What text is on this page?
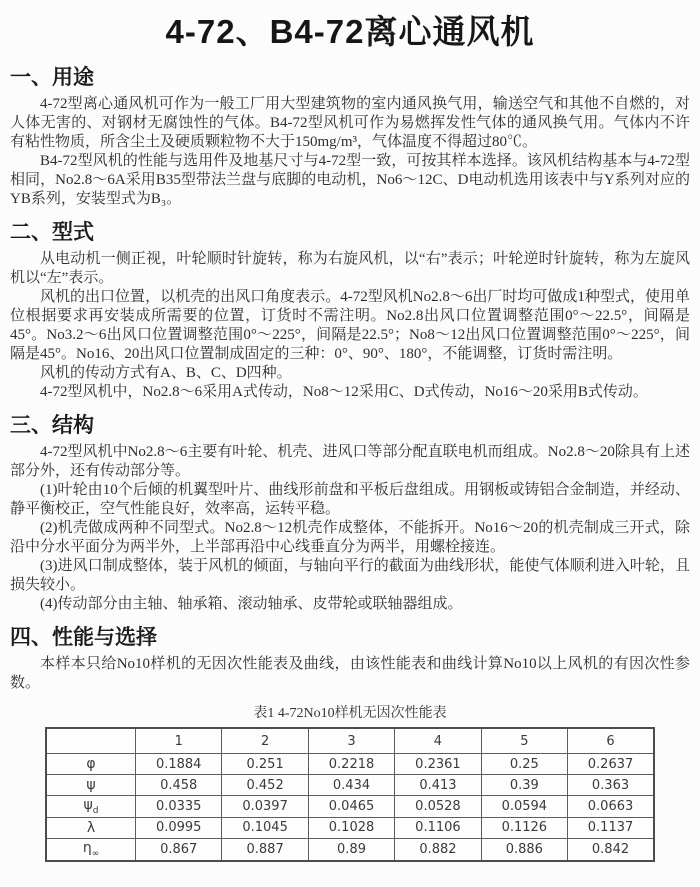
4-72、B4-72离心通风机
一、用途

4-72型离心通风机可作为一般工厂用大型建筑物的室内通风换气用，输送空气和其他不自燃的，对人体无害的、对钢材无腐蚀性的气体。B4-72型风机可作为易燃挥发性气体的通风换气用。气体内不许有粘性物质，所含尘土及硬质颗粒物不大于150mg/m³，气体温度不得超过80℃。

B4-72型风机的性能与选用件及地基尺寸与4-72型一致，可按其样本选择。该风机结构基本与4-72型相同，No2.8～6A采用B35型带法兰盘与底脚的电动机，No6～12C、D电动机选用该表中与Y系列对应的YB系列，安装型式为B₃。

二、型式

从电动机一侧正视，叶轮顺时针旋转，称为右旋风机，以“右”表示；叶轮逆时针旋转，称为左旋风机以“左”表示。

风机的出口位置，以机壳的出风口角度表示。4-72型风机No2.8～6出厂时均可做成1种型式，使用单位根据要求再安装成所需要的位置，订货时不需注明。No2.8出风口位置调整范围0°～22.5°，间隔是45°。No3.2～6出风口位置调整范围0°～225°，间隔是22.5°；No8～12出风口位置调整范围0°～225°，间隔是45°。No16、20出风口位置制成固定的三种：0°、90°、180°，不能调整，订货时需注明。

风机的传动方式有A、B、C、D四种。

4-72型风机中，No2.8～6采用A式传动，No8～12采用C、D式传动，No16～20采用B式传动。

三、结构

4-72型风机中No2.8～6主要有叶轮、机壳、进风口等部分配直联电机而组成。No2.8～20除具有上述部分外，还有传动部分等。

(1)叶轮由10个后倾的机翼型叶片、曲线形前盘和平板后盘组成。用钢板或铸铝合金制造，并经动、静平衡校正，空气性能良好，效率高，运转平稳。

(2)机壳做成两种不同型式。No2.8～12机壳作成整体，不能拆开。No16～20的机壳制成三开式，除沿中分水平面分为两半外，上半部再沿中心线垂直分为两半，用螺栓接连。

(3)进风口制成整体，装于风机的倾面，与轴向平行的截面为曲线形状，能使气体顺利进入叶轮，且损失较小。

(4)传动部分由主轴、轴承箱、滚动轴承、皮带轮或联轴器组成。

四、性能与选择

本样本只给No10样机的无因次性能表及曲线，由该性能表和曲线计算No10以上风机的有因次性参数。

表1 4-72No10样机无因次性能表
	1	2	3	4	5	6
φ	0.1884	0.251	0.2218	0.2361	0.25	0.2637
ψ	0.458	0.452	0.434	0.413	0.39	0.363
$\psi_d$	0.0335	0.0397	0.0465	0.0528	0.0594	0.0663
λ	0.0995	0.1045	0.1028	0.1106	0.1126	0.1137
$\eta_\infty$	0.867	0.887	0.89	0.882	0.886	0.842
